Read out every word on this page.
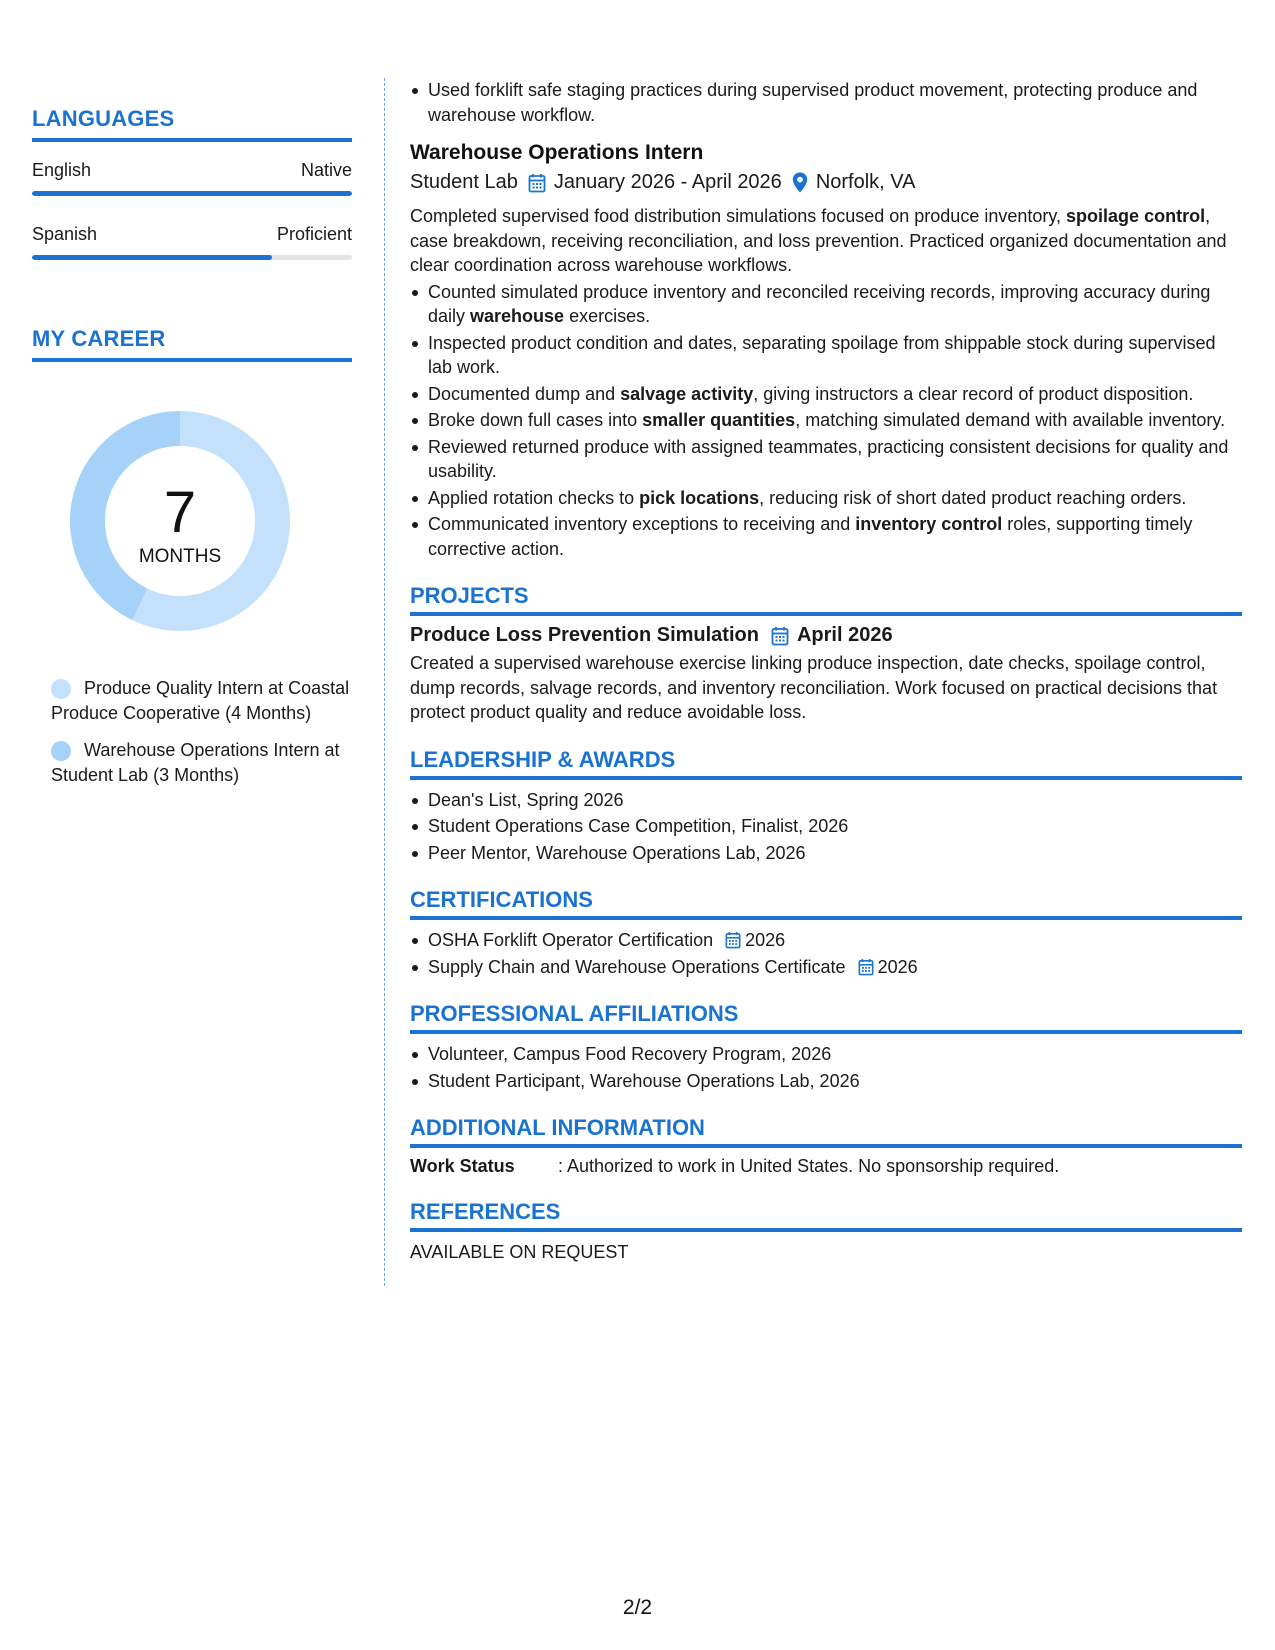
LANGUAGES
English	Native
Spanish	Proficient
MY CAREER
7
MONTHS
Produce Quality Intern at Coastal Produce Cooperative (4 Months)
Warehouse Operations Intern at Student Lab (3 Months)
Used forklift safe staging practices during supervised product movement, protecting produce and warehouse workflow.
Warehouse Operations Intern
Student Lab January 2026 - April 2026 Norfolk, VA
Completed supervised food distribution simulations focused on produce inventory, spoilage control, case breakdown, receiving reconciliation, and loss prevention. Practiced organized documentation and clear coordination across warehouse workflows.
Counted simulated produce inventory and reconciled receiving records, improving accuracy during daily warehouse exercises.
Inspected product condition and dates, separating spoilage from shippable stock during supervised lab work.
Documented dump and salvage activity, giving instructors a clear record of product disposition.
Broke down full cases into smaller quantities, matching simulated demand with available inventory.
Reviewed returned produce with assigned teammates, practicing consistent decisions for quality and usability.
Applied rotation checks to pick locations, reducing risk of short dated product reaching orders.
Communicated inventory exceptions to receiving and inventory control roles, supporting timely corrective action.
PROJECTS
Produce Loss Prevention Simulation April 2026
Created a supervised warehouse exercise linking produce inspection, date checks, spoilage control, dump records, salvage records, and inventory reconciliation. Work focused on practical decisions that protect product quality and reduce avoidable loss.
LEADERSHIP & AWARDS
Dean's List, Spring 2026
Student Operations Case Competition, Finalist, 2026
Peer Mentor, Warehouse Operations Lab, 2026
CERTIFICATIONS
OSHA Forklift Operator Certification 2026
Supply Chain and Warehouse Operations Certificate 2026
PROFESSIONAL AFFILIATIONS
Volunteer, Campus Food Recovery Program, 2026
Student Participant, Warehouse Operations Lab, 2026
ADDITIONAL INFORMATION
Work Status	: Authorized to work in United States. No sponsorship required.
REFERENCES
AVAILABLE ON REQUEST
2/2
